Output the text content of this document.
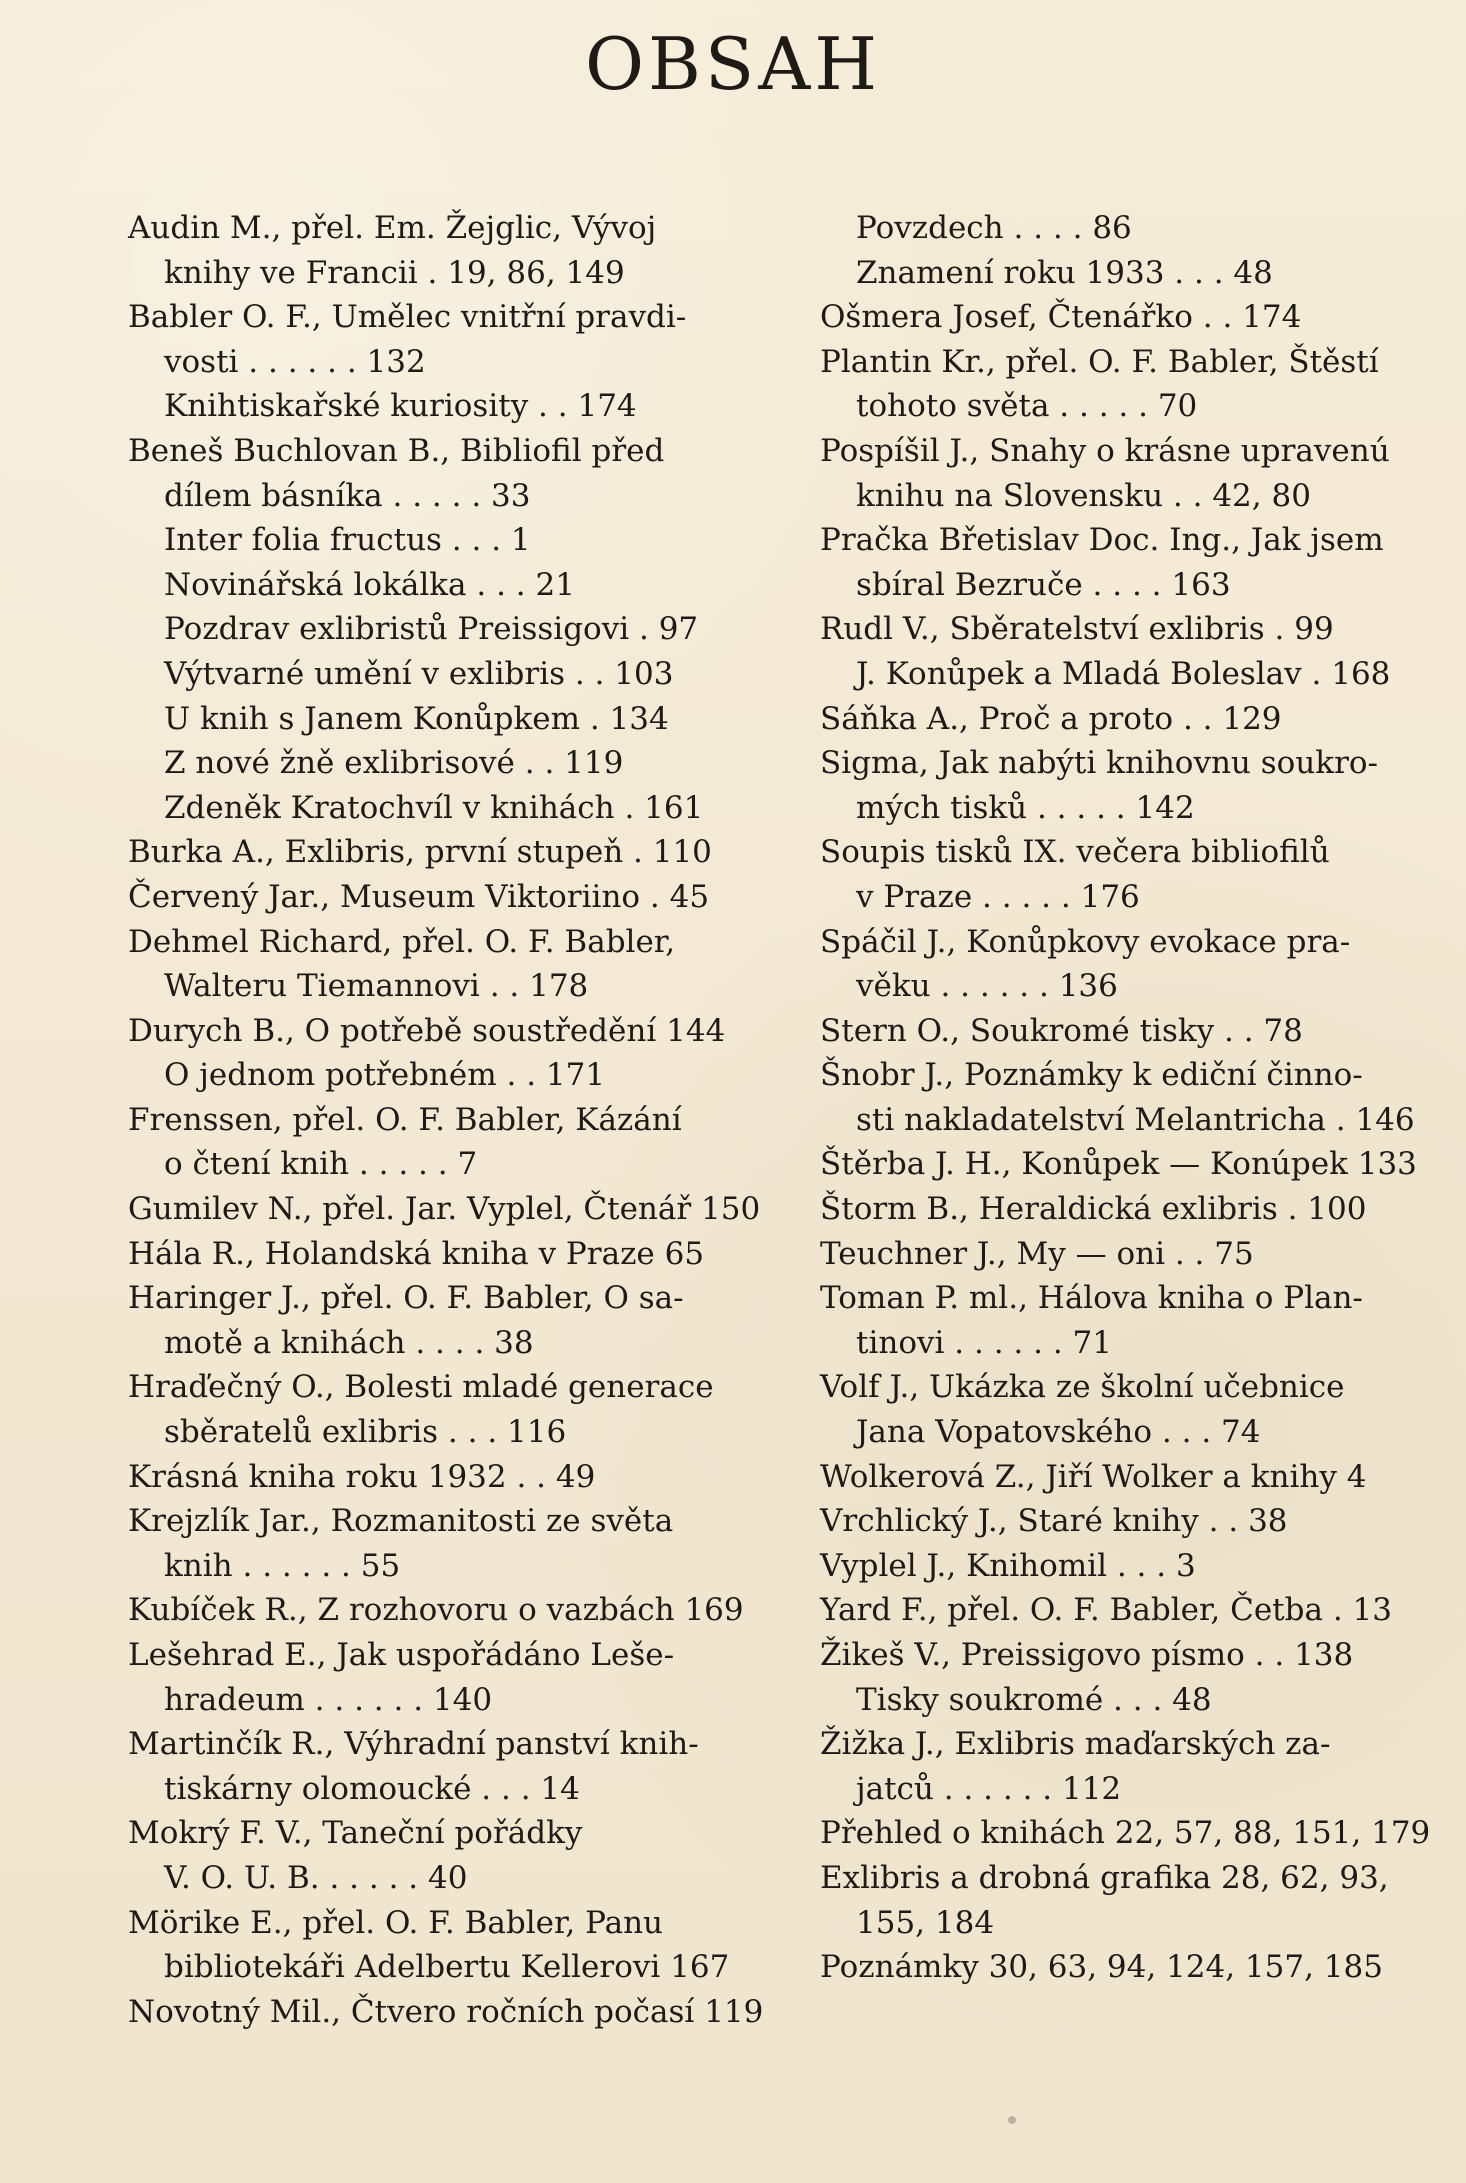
OBSAH
Audin M., přel. Em. Žejglic, Vývoj
knihy ve Francii . 19, 86, 149
Babler O. F., Umělec vnitřní pravdi-
vosti . . . . . . 132
Knihtiskařské kuriosity . . 174
Beneš Buchlovan B., Bibliofil před
dílem básníka . . . . . 33
Inter folia fructus . . . 1
Novinářská lokálka . . . 21
Pozdrav exlibristů Preissigovi . 97
Výtvarné umění v exlibris . . 103
U knih s Janem Konůpkem . 134
Z nové žně exlibrisové . . 119
Zdeněk Kratochvíl v knihách . 161
Burka A., Exlibris, první stupeň . 110
Červený Jar., Museum Viktoriino . 45
Dehmel Richard, přel. O. F. Babler,
Walteru Tiemannovi . . 178
Durych B., O potřebě soustředění 144
O jednom potřebném . . 171
Frenssen, přel. O. F. Babler, Kázání
o čtení knih . . . . . 7
Gumilev N., přel. Jar. Vyplel, Čtenář 150
Hála R., Holandská kniha v Praze 65
Haringer J., přel. O. F. Babler, O sa-
motě a knihách . . . . 38
Hraďečný O., Bolesti mladé generace
sběratelů exlibris . . . 116
Krásná kniha roku 1932 . . 49
Krejzlík Jar., Rozmanitosti ze světa
knih . . . . . . 55
Kubíček R., Z rozhovoru o vazbách 169
Lešehrad E., Jak uspořádáno Leše-
hradeum . . . . . . 140
Martinčík R., Výhradní panství knih-
tiskárny olomoucké . . . 14
Mokrý F. V., Taneční pořádky
V. O. U. B. . . . . . 40
Mörike E., přel. O. F. Babler, Panu
bibliotekáři Adelbertu Kellerovi 167
Novotný Mil., Čtvero ročních počasí 119
Povzdech . . . . 86
Znamení roku 1933 . . . 48
Ošmera Josef, Čtenářko . . 174
Plantin Kr., přel. O. F. Babler, Štěstí
tohoto světa . . . . . 70
Pospíšil J., Snahy o krásne upravenú
knihu na Slovensku . . 42, 80
Pračka Břetislav Doc. Ing., Jak jsem
sbíral Bezruče . . . . 163
Rudl V., Sběratelství exlibris . 99
J. Konůpek a Mladá Boleslav . 168
Sáňka A., Proč a proto . . 129
Sigma, Jak nabýti knihovnu soukro-
mých tisků . . . . . 142
Soupis tisků IX. večera bibliofilů
v Praze . . . . . 176
Spáčil J., Konůpkovy evokace pra-
věku . . . . . . 136
Stern O., Soukromé tisky . . 78
Šnobr J., Poznámky k ediční činno-
sti nakladatelství Melantricha . 146
Štěrba J. H., Konůpek — Konúpek 133
Štorm B., Heraldická exlibris . 100
Teuchner J., My — oni . . 75
Toman P. ml., Hálova kniha o Plan-
tinovi . . . . . . 71
Volf J., Ukázka ze školní učebnice
Jana Vopatovského . . . 74
Wolkerová Z., Jiří Wolker a knihy 4
Vrchlický J., Staré knihy . . 38
Vyplel J., Knihomil . . . 3
Yard F., přel. O. F. Babler, Četba . 13
Žikeš V., Preissigovo písmo . . 138
Tisky soukromé . . . 48
Žižka J., Exlibris maďarských za-
jatců . . . . . . 112
Přehled o knihách 22, 57, 88, 151, 179
Exlibris a drobná grafika 28, 62, 93,
155, 184
Poznámky 30, 63, 94, 124, 157, 185
